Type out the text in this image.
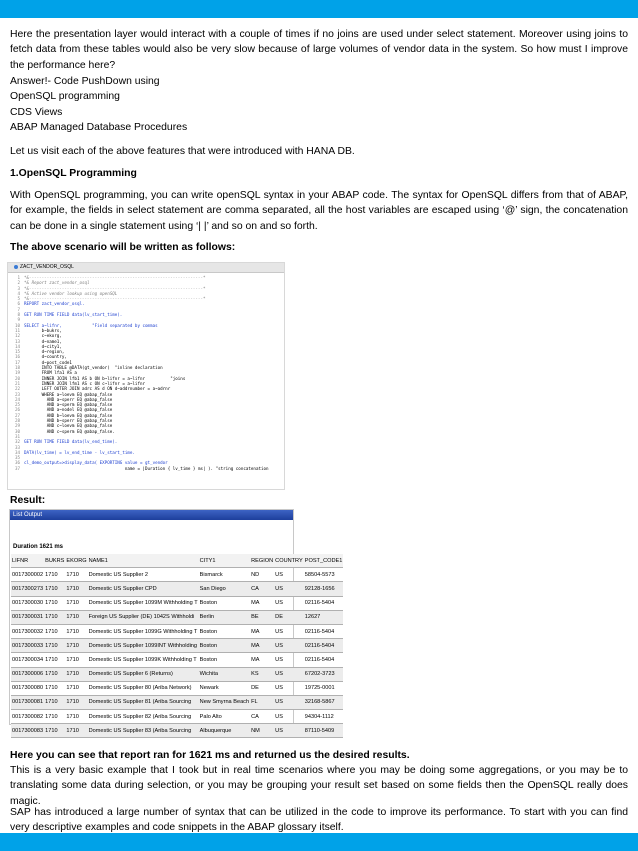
Here the presentation layer would interact with a couple of times if no joins are used under select statement. Moreover using joins to fetch data from these tables would also be very slow because of large volumes of vendor data in the system. So how must I improve the performance here?
Answer!- Code PushDown using
OpenSQL programming
CDS Views
ABAP Managed Database Procedures
Let us visit each of the above features that were introduced with HANA DB.
1.OpenSQL Programming
With OpenSQL programming, you can write openSQL syntax in your ABAP code. The syntax for OpenSQL differs from that of ABAP, for example, the fields in select statement are comma separated, all the host variables are escaped using ‘@’ sign, the concatenation can be done in a single statement using ‘| |’ and so on and so forth.
The above scenario will be written as follows:
ZACT_VENDOR_OSQL
1 *&---------------------------------------------------------------------*
2 *& Report zact_vendor_osql
3 *&---------------------------------------------------------------------*
4 *& Active vendor lookup using openSQL
5 *&---------------------------------------------------------------------*
6 REPORT zact_vendor_osql.
7
8 GET RUN TIME FIELD data(lv_start_time).
9
10 SELECT a~lifnr,            "Field separated by commas
11       b~bukrs,
12       c~ekorg,
13       d~name1,
14       d~city1,
15       d~region,
16       d~country,
17       d~post_code1
18       INTO TABLE @DATA(gt_vendor)  "inline declaration
19       FROM lfa1 AS a
20       INNER JOIN lfb1 AS b ON b~lifnr = a~lifnr          "joins
21       INNER JOIN lfm1 AS c ON c~lifnr = a~lifnr
22       LEFT OUTER JOIN adrc AS d ON d~addrnumber = a~adrnr
23       WHERE a~loevm EQ @abap_false
24         AND a~sperr EQ @abap_false
25         AND a~sperm EQ @abap_false
26         AND a~nodel EQ @abap_false
27         AND b~loevm EQ @abap_false
28         AND b~sperr EQ @abap_false
29         AND c~loevm EQ @abap_false
30         AND c~sperm EQ @abap_false.
31
32 GET RUN TIME FIELD data(lv_end_time).
33
34 DATA(lv_time) = lv_end_time - lv_start_time.
35
36 cl_demo_output=>display_data( EXPORTING value = gt_vendor
37                                        name = |Duration { lv_time } ms| ). "string concatenation
Result:
List Output
Duration 1621 ms
LIFNR	BUKRS	EKORG	NAME1	CITY1	REGION	COUNTRY	POST_CODE1
0017300002	1710	1710	Domestic US Supplier 2	Bismarck	ND	US	58504-5573
0017300273	1710	1710	Domestic US Supplier CPD	San Diego	CA	US	92128-1656
0017300030	1710	1710	Domestic US Supplier 1099M Withholding T	Boston	MA	US	02116-5404
0017300031	1710	1710	Foreign US Supplier (DE) 1042S Withholdi	Berlin	BE	DE	12627
0017300032	1710	1710	Domestic US Supplier 1099G Withholding T	Boston	MA	US	02116-5404
0017300033	1710	1710	Domestic US Supplier 1099INT Withholding	Boston	MA	US	02116-5404
0017300034	1710	1710	Domestic US Supplier 1099K Withholding T	Boston	MA	US	02116-5404
0017300006	1710	1710	Domestic US Supplier 6 (Returns)	Wichita	KS	US	67202-3723
0017300080	1710	1710	Domestic US Supplier 80 (Ariba Network)	Newark	DE	US	19725-0001
0017300081	1710	1710	Domestic US Supplier 81 (Ariba Sourcing	New Smyrna Beach	FL	US	32168-5867
0017300082	1710	1710	Domestic US Supplier 82 (Ariba Sourcing	Palo Alto	CA	US	94304-1112
0017300083	1710	1710	Domestic US Supplier 83 (Ariba Sourcing	Albuquerque	NM	US	87110-5409
Here you can see that report ran for 1621 ms and returned us the desired results.
This is a very basic example that I took but in real time scenarios where you may be doing some aggregations, or you may be to translating some data during selection, or you may be grouping your result set based on some fields then the OpenSQL really does magic.
SAP has introduced a large number of syntax that can be utilized in the code to improve its performance. To start with you can find very descriptive examples and code snippets in the ABAP glossary itself.
